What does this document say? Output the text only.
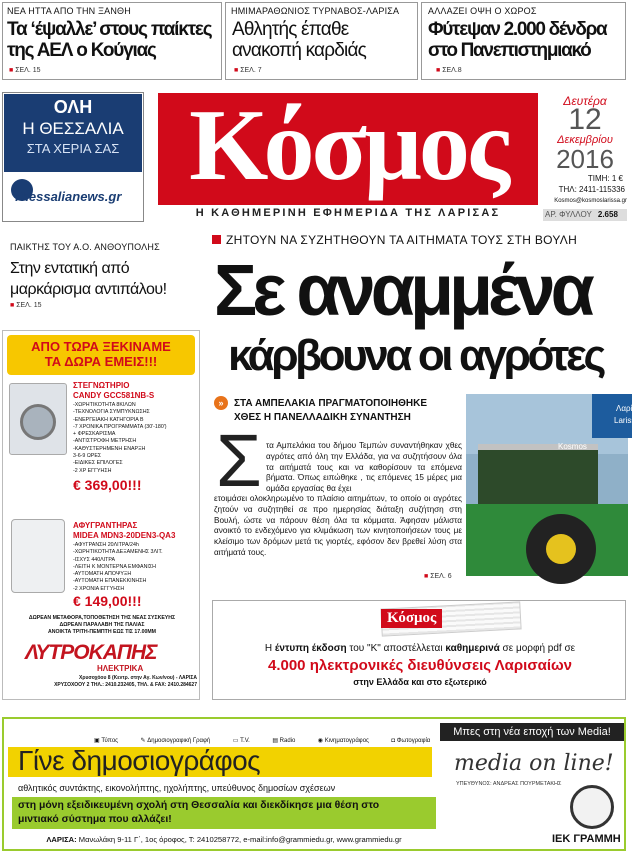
ΝΕΑ ΗΤΤΑ ΑΠΟ ΤΗΝ ΞΑΝΘΗ
Τα ‘έψαλλε’ στους παίκτες
της ΑΕΛ ο Κούγιας
■ ΣΕΛ. 15
ΗΜΙΜΑΡΑΘΩΝΙΟΣ ΤΥΡΝΑΒΟΣ-ΛΑΡΙΣΑ
Αθλητής έπαθε
ανακοπή καρδιάς
■ ΣΕΛ. 7
ΑΛΛΑΖΕΙ ΟΨΗ Ο ΧΩΡΟΣ
Φύτεψαν 2.000 δένδρα
στο Πανεπιστημιακό
■ ΣΕΛ.8
ΟΛΗ
Η ΘΕΣΣΑΛΙΑ
ΣΤΑ ΧΕΡΙΑ ΣΑΣ
Thessalianews.gr Κόσμος
Η ΚΑΘΗΜΕΡΙΝΗ ΕΦΗΜΕΡΙΔΑ ΤΗΣ ΛΑΡΙΣΑΣ
Δευτέρα
12
Δεκεμβρίου
2016
ΤΙΜΗ: 1 €
ΤΗΛ: 2411-115336
Kosmos@kosmoslarissa.gr
ΑΡ. ΦΥΛΛΟΥ 2.658
ΠΑΙΚΤΗΣ ΤΟΥ Α.Ο. ΑΝΘΟΥΠΟΛΗΣ
Στην εντατική από
μαρκάρισμα αντιπάλου!
■ ΣΕΛ. 15
ΖΗΤΟΥΝ ΝΑ ΣΥΖΗΤΗΘΟΥΝ ΤΑ ΑΙΤΗΜΑΤΑ ΤΟΥΣ ΣΤΗ ΒΟΥΛΗ
Σε αναμμένα
κάρβουνα οι αγρότες
» ΣΤΑ ΑΜΠΕΛΑΚΙΑ ΠΡΑΓΜΑΤΟΠΟΙΗΘΗΚΕ
ΧΘΕΣ Η ΠΑΝΕΛΛΑΔΙΚΗ ΣΥΝΑΝΤΗΣΗ
Σ τα Αμπελάκια του δήμου Τεμπών συναντήθηκαν χθες αγρότες από όλη την Ελλάδα, για να συζητήσουν όλα τα αιτήματά τους και να καθορίσουν τα επόμενα βήματα. Όπως ειπώθηκε , τις επόμενες 15 μέρες μια ομάδα εργασίας θα έχει
ετοιμάσει ολοκληρωμένο το πλαίσιο αιτημάτων, το οποίο οι αγρότες ζητούν να συζητηθεί σε προ ημερησίας διάταξη συζήτηση στη Βουλή, ώστε να πάρουν θέση όλα τα κόμματα. Άφησαν μάλιστα ανοικτό το ενδεχόμενο για κλιμάκωση των κινητοποιήσεων τους με κλείσιμο των δρόμων μετά τις γιορτές, εφόσον δεν βρεθεί λύση στα αιτήματά τους.
■ ΣΕΛ. 6
Λαρίσ
Lariss
Kosmos
ΑΠΟ ΤΩΡΑ ΞΕΚΙΝΑΜΕ
ΤΑ ΔΩΡΑ ΕΜΕΙΣ!!!
ΣΤΕΓΝΩΤΗΡΙΟ
CANDY GCC581NB-S
-ΧΩΡΗΤΙΚΟΤΗΤΑ 8ΚΙΛΩΝ
-ΤΕΧΝΟΛΟΓΙΑ ΣΥΜΠΥΚΝΩΣΗΣ
-ΕΝΕΡΓΕΙΑΚΗ ΚΑΤΗΓΟΡΙΑ Β
-7 ΧΡΟΝΙΚΑ ΠΡΟΓΡΑΜΜΑΤΑ (30'-180')
+ ΦΡΕΣΚΑΡΙΣΜΑ
-ΑΝΤΙΣΤΡΟΦΗ ΜΕΤΡΗΣΗ
-ΚΑΘΥΣΤΕΡΗΜΕΝΗ ΕΝΑΡΞΗ
3-6-9 ΩΡΕΣ
-ΕΙΔΙΚΕΣ ΕΠΙΛΟΓΕΣ
-2 ΧΡ ΕΓΓΥΗΣΗ
€ 369,00!!!
ΑΦΥΓΡΑΝΤΗΡΑΣ
MIDEA MDN3-20DEN3-QA3
-ΑΦΥΓΡΑΝΣΗ 20ΛΙΤΡΑ/24h
-ΧΩΡΗΤΙΚΟΤΗΤΑ ΔΕΞΑΜΕΝΗΣ 3ΛΙΤ.
-ΙΣΧΥΣ 440ΛΙΤΡΑ
-ΛΕΙΤΗ Κ ΜΟΝΤΕΡΝΑ ΕΜΦΑΝΙΣΗ
-ΑΥΤΟΜΑΤΗ ΑΠΟΨΥΞΗ
-ΑΥΤΟΜΑΤΗ ΕΠΑΝΕΚΚΙΝΗΣΗ
-2 ΧΡΟΝΙΑ ΕΓΓΥΗΣΗ
€ 149,00!!!
ΔΩΡΕΑΝ ΜΕΤΑΦΟΡΑ,ΤΟΠΟΘΕΤΗΣΗ ΤΗΣ ΝΕΑΣ ΣΥΣΚΕΥΗΣ
ΔΩΡΕΑΝ ΠΑΡΑΛΑΒΗ ΤΗΣ ΠΑΛΙΑΣ
ΑΝΟΙΚΤΑ ΤΡΙΤΗ-ΠΕΜΠΤΗ ΕΩΣ ΤΙΣ 17.00ΜΜ
ΛΥΤΡΟΚΑΠΗΣ
ΗΛΕΚΤΡΙΚΑ
Χρυσοχόου 8 (Κεντρ. στην Αγ. Κων/νου) - ΛΑΡΙΣΑ
ΧΡΥΣΟΧΟΟΥ 2 ΤΗΛ.: 2410.232405, ΤΗΛ. & FAX: 2410.284627
Κόσμος
Η έντυπη έκδοση του "Κ" αποστέλλεται καθημερινά σε μορφή pdf σε
4.000 ηλεκτρονικές διευθύνσεις Λαρισαίων
στην Ελλάδα και στο εξωτερικό
▣ Τύπος	✎ Δημοσιογραφική Γραφή	▭ T.V.	▤ Radio	◉ Κινηματογράφος	◘ Φωτογραφία
Μπες στη νέα εποχή των Media!
Γίνε δημοσιογράφος
αθλητικός συντάκτης, εικονολήπτης, ηχολήπτης, υπεύθυνος δημοσίων σχέσεων
στη μόνη εξειδικευμένη σχολή στη Θεσσαλία και διεκδίκησε μια θέση στο
μιντιακό σύστημα που αλλάζει!
media on line!
ΥΠΕΥΘΥΝΟΣ: ΑΝΔΡΕΑΣ ΠΟΥΡΜΕΤΑΚΗΣ
ΛΑΡΙΣΑ: Μανωλάκη 9-11 Γ΄, 1ος όροφος, Τ: 2410258772, e-mail:info@grammiedu.gr, www.grammiedu.gr	ΙΕΚ ΓΡΑΜΜΗ
